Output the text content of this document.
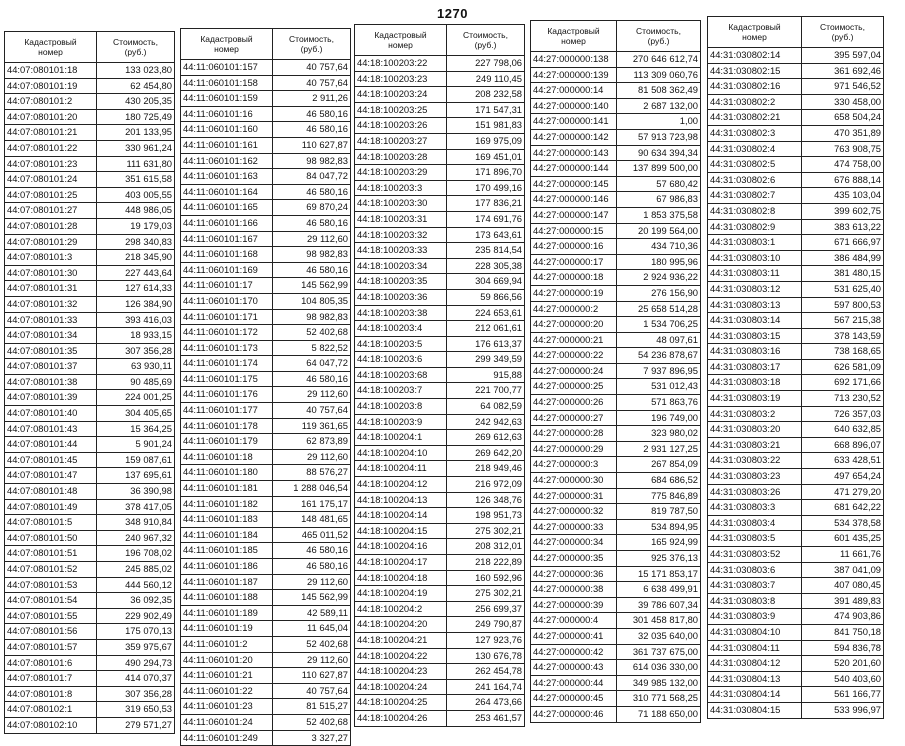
1270
Кадастровый
номер	Стоимость,
(руб.)

44:07:080101:18	133 023,80
44:07:080101:19	62 454,80
44:07:080101:2	430 205,35
44:07:080101:20	180 725,49
44:07:080101:21	201 133,95
44:07:080101:22	330 961,24
44:07:080101:23	111 631,80
44:07:080101:24	351 615,58
44:07:080101:25	403 005,55
44:07:080101:27	448 986,05
44:07:080101:28	19 179,03
44:07:080101:29	298 340,83
44:07:080101:3	218 345,90
44:07:080101:30	227 443,64
44:07:080101:31	127 614,33
44:07:080101:32	126 384,90
44:07:080101:33	393 416,03
44:07:080101:34	18 933,15
44:07:080101:35	307 356,28
44:07:080101:37	63 930,11
44:07:080101:38	90 485,69
44:07:080101:39	224 001,25
44:07:080101:40	304 405,65
44:07:080101:43	15 364,25
44:07:080101:44	5 901,24
44:07:080101:45	159 087,61
44:07:080101:47	137 695,61
44:07:080101:48	36 390,98
44:07:080101:49	378 417,05
44:07:080101:5	348 910,84
44:07:080101:50	240 967,32
44:07:080101:51	196 708,02
44:07:080101:52	245 885,02
44:07:080101:53	444 560,12
44:07:080101:54	36 092,35
44:07:080101:55	229 902,49
44:07:080101:56	175 070,13
44:07:080101:57	359 975,67
44:07:080101:6	490 294,73
44:07:080101:7	414 070,37
44:07:080101:8	307 356,28
44:07:080102:1	319 650,53
44:07:080102:10	279 571,27
Кадастровый
номер	Стоимость,
(руб.)

44:11:060101:157	40 757,64
44:11:060101:158	40 757,64
44:11:060101:159	2 911,26
44:11:060101:16	46 580,16
44:11:060101:160	46 580,16
44:11:060101:161	110 627,87
44:11:060101:162	98 982,83
44:11:060101:163	84 047,72
44:11:060101:164	46 580,16
44:11:060101:165	69 870,24
44:11:060101:166	46 580,16
44:11:060101:167	29 112,60
44:11:060101:168	98 982,83
44:11:060101:169	46 580,16
44:11:060101:17	145 562,99
44:11:060101:170	104 805,35
44:11:060101:171	98 982,83
44:11:060101:172	52 402,68
44:11:060101:173	5 822,52
44:11:060101:174	64 047,72
44:11:060101:175	46 580,16
44:11:060101:176	29 112,60
44:11:060101:177	40 757,64
44:11:060101:178	119 361,65
44:11:060101:179	62 873,89
44:11:060101:18	29 112,60
44:11:060101:180	88 576,27
44:11:060101:181	1 288 046,54
44:11:060101:182	161 175,17
44:11:060101:183	148 481,65
44:11:060101:184	465 011,52
44:11:060101:185	46 580,16
44:11:060101:186	46 580,16
44:11:060101:187	29 112,60
44:11:060101:188	145 562,99
44:11:060101:189	42 589,11
44:11:060101:19	11 645,04
44:11:060101:2	52 402,68
44:11:060101:20	29 112,60
44:11:060101:21	110 627,87
44:11:060101:22	40 757,64
44:11:060101:23	81 515,27
44:11:060101:24	52 402,68
44:11:060101:249	3 327,27
Кадастровый
номер	Стоимость,
(руб.)

44:18:100203:22	227 798,06
44:18:100203:23	249 110,45
44:18:100203:24	208 232,58
44:18:100203:25	171 547,31
44:18:100203:26	151 981,83
44:18:100203:27	169 975,09
44:18:100203:28	169 451,01
44:18:100203:29	171 896,70
44:18:100203:3	170 499,16
44:18:100203:30	177 836,21
44:18:100203:31	174 691,76
44:18:100203:32	173 643,61
44:18:100203:33	235 814,54
44:18:100203:34	228 305,38
44:18:100203:35	304 669,94
44:18:100203:36	59 866,56
44:18:100203:38	224 653,61
44:18:100203:4	212 061,61
44:18:100203:5	176 613,37
44:18:100203:6	299 349,59
44:18:100203:68	915,88
44:18:100203:7	221 700,77
44:18:100203:8	64 082,59
44:18:100203:9	242 942,63
44:18:100204:1	269 612,63
44:18:100204:10	269 642,20
44:18:100204:11	218 949,46
44:18:100204:12	216 972,09
44:18:100204:13	126 348,76
44:18:100204:14	198 951,73
44:18:100204:15	275 302,21
44:18:100204:16	208 312,01
44:18:100204:17	218 222,89
44:18:100204:18	160 592,96
44:18:100204:19	275 302,21
44:18:100204:2	256 699,37
44:18:100204:20	249 790,87
44:18:100204:21	127 923,76
44:18:100204:22	130 676,78
44:18:100204:23	262 454,78
44:18:100204:24	241 164,74
44:18:100204:25	264 473,66
44:18:100204:26	253 461,57
Кадастровый
номер	Стоимость,
(руб.)

44:27:000000:138	270 646 612,74
44:27:000000:139	113 309 060,76
44:27:000000:14	81 508 362,49
44:27:000000:140	2 687 132,00
44:27:000000:141	1,00
44:27:000000:142	57 913 723,98
44:27:000000:143	90 634 394,34
44:27:000000:144	137 899 500,00
44:27:000000:145	57 680,42
44:27:000000:146	67 986,83
44:27:000000:147	1 853 375,58
44:27:000000:15	20 199 564,00
44:27:000000:16	434 710,36
44:27:000000:17	180 995,96
44:27:000000:18	2 924 936,22
44:27:000000:19	276 156,90
44:27:000000:2	25 658 514,28
44:27:000000:20	1 534 706,25
44:27:000000:21	48 097,61
44:27:000000:22	54 236 878,67
44:27:000000:24	7 937 896,95
44:27:000000:25	531 012,43
44:27:000000:26	571 863,76
44:27:000000:27	196 749,00
44:27:000000:28	323 980,02
44:27:000000:29	2 931 127,25
44:27:000000:3	267 854,09
44:27:000000:30	684 686,52
44:27:000000:31	775 846,89
44:27:000000:32	819 787,50
44:27:000000:33	534 894,95
44:27:000000:34	165 924,99
44:27:000000:35	925 376,13
44:27:000000:36	15 171 853,17
44:27:000000:38	6 638 499,91
44:27:000000:39	39 786 607,34
44:27:000000:4	301 458 817,80
44:27:000000:41	32 035 640,00
44:27:000000:42	361 737 675,00
44:27:000000:43	614 036 330,00
44:27:000000:44	349 985 132,00
44:27:000000:45	310 771 568,25
44:27:000000:46	71 188 650,00
Кадастровый
номер	Стоимость,
(руб.)

44:31:030802:14	395 597,04
44:31:030802:15	361 692,46
44:31:030802:16	971 546,52
44:31:030802:2	330 458,00
44:31:030802:21	658 504,24
44:31:030802:3	470 351,89
44:31:030802:4	763 908,75
44:31:030802:5	474 758,00
44:31:030802:6	676 888,14
44:31:030802:7	435 103,04
44:31:030802:8	399 602,75
44:31:030802:9	383 613,22
44:31:030803:1	671 666,97
44:31:030803:10	386 484,99
44:31:030803:11	381 480,15
44:31:030803:12	531 625,40
44:31:030803:13	597 800,53
44:31:030803:14	567 215,38
44:31:030803:15	378 143,59
44:31:030803:16	738 168,65
44:31:030803:17	626 581,09
44:31:030803:18	692 171,66
44:31:030803:19	713 230,52
44:31:030803:2	726 357,03
44:31:030803:20	640 632,85
44:31:030803:21	668 896,07
44:31:030803:22	633 428,51
44:31:030803:23	497 654,24
44:31:030803:26	471 279,20
44:31:030803:3	681 642,22
44:31:030803:4	534 378,58
44:31:030803:5	601 435,25
44:31:030803:52	11 661,76
44:31:030803:6	387 041,09
44:31:030803:7	407 080,45
44:31:030803:8	391 489,83
44:31:030803:9	474 903,86
44:31:030804:10	841 750,18
44:31:030804:11	594 836,78
44:31:030804:12	520 201,60
44:31:030804:13	540 403,60
44:31:030804:14	561 166,77
44:31:030804:15	533 996,97
